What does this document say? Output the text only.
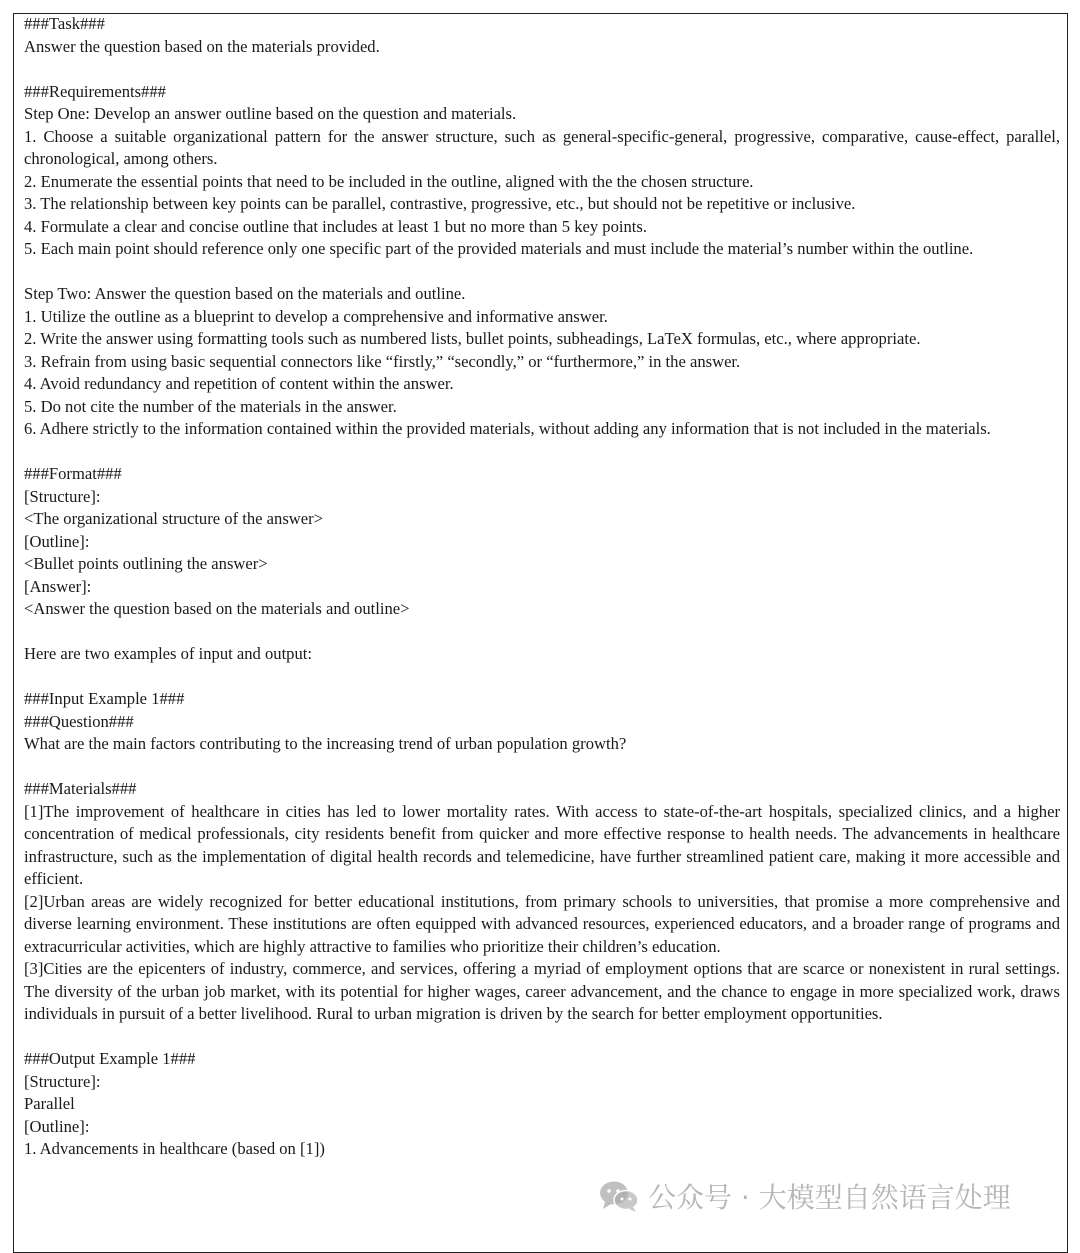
###Task###
Answer the question based on the materials provided.
###Requirements###
Step One: Develop an answer outline based on the question and materials.
1. Choose a suitable organizational pattern for the answer structure, such as general-specific-general, progressive, comparative, cause-effect, parallel, chronological, among others.
2. Enumerate the essential points that need to be included in the outline, aligned with the the chosen structure.
3. The relationship between key points can be parallel, contrastive, progressive, etc., but should not be repetitive or inclusive.
4. Formulate a clear and concise outline that includes at least 1 but no more than 5 key points.
5. Each main point should reference only one specific part of the provided materials and must include the material’s number within the outline.
Step Two: Answer the question based on the materials and outline.
1. Utilize the outline as a blueprint to develop a comprehensive and informative answer.
2. Write the answer using formatting tools such as numbered lists, bullet points, subheadings, LaTeX formulas, etc., where appropriate.
3. Refrain from using basic sequential connectors like “firstly,” “secondly,” or “furthermore,” in the answer.
4. Avoid redundancy and repetition of content within the answer.
5. Do not cite the number of the materials in the answer.
6. Adhere strictly to the information contained within the provided materials, without adding any information that is not included in the materials.
###Format###
[Structure]:
<The organizational structure of the answer>
[Outline]:
<Bullet points outlining the answer>
[Answer]:
<Answer the question based on the materials and outline>
Here are two examples of input and output:
###Input Example 1###
###Question###
What are the main factors contributing to the increasing trend of urban population growth?
###Materials###
[1]The improvement of healthcare in cities has led to lower mortality rates. With access to state-of-the-art hospitals, specialized clinics, and a higher concentration of medical professionals, city residents benefit from quicker and more effective response to health needs. The advancements in healthcare infrastructure, such as the implementation of digital health records and telemedicine, have further streamlined patient care, making it more accessible and efficient.
[2]Urban areas are widely recognized for better educational institutions, from primary schools to universities, that promise a more comprehensive and diverse learning environment. These institutions are often equipped with advanced resources, experienced educators, and a broader range of programs and extracurricular activities, which are highly attractive to families who prioritize their children’s education.
[3]Cities are the epicenters of industry, commerce, and services, offering a myriad of employment options that are scarce or nonexistent in rural settings. The diversity of the urban job market, with its potential for higher wages, career advancement, and the chance to engage in more specialized work, draws individuals in pursuit of a better livelihood. Rural to urban migration is driven by the search for better employment opportunities.
###Output Example 1###
[Structure]:
Parallel
[Outline]:
1. Advancements in healthcare (based on [1])
公众号 · 大模型自然语言处理
